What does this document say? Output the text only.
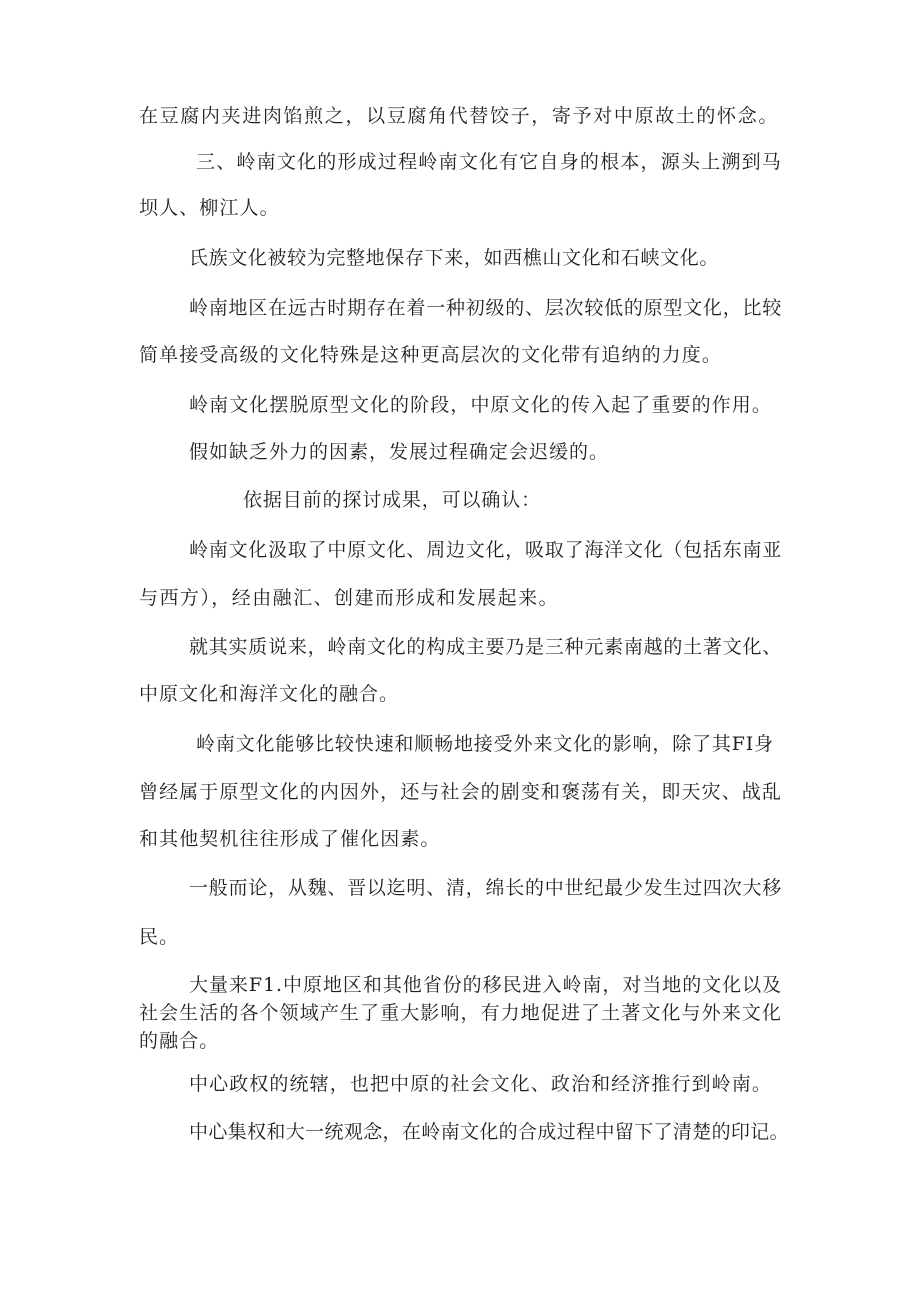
在豆腐内夹进肉馅煎之，以豆腐角代替饺子，寄予对中原故土的怀念。
三、岭南文化的形成过程岭南文化有它自身的根本，源头上溯到马
坝人、柳江人。
氏族文化被较为完整地保存下来，如西樵山文化和石峡文化。
岭南地区在远古时期存在着一种初级的、层次较低的原型文化，比较
简单接受高级的文化特殊是这种更高层次的文化带有追纳的力度。
岭南文化摆脱原型文化的阶段，中原文化的传入起了重要的作用。
假如缺乏外力的因素，发展过程确定会迟缓的。
依据目前的探讨成果，可以确认：
岭南文化汲取了中原文化、周边文化，吸取了海洋文化（包括东南亚
与西方），经由融汇、创建而形成和发展起来。
就其实质说来，岭南文化的构成主要乃是三种元素南越的土著文化、
中原文化和海洋文化的融合。
岭南文化能够比较快速和顺畅地接受外来文化的影响，除了其FI身
曾经属于原型文化的内因外，还与社会的剧变和褒荡有关，即天灾、战乱
和其他契机往往形成了催化因素。
一般而论，从魏、晋以迄明、清，绵长的中世纪最少发生过四次大移
民。
大量来F1.中原地区和其他省份的移民进入岭南，对当地的文化以及
社会生活的各个领域产生了重大影响，有力地促进了土著文化与外来文化
的融合。
中心政权的统辖，也把中原的社会文化、政治和经济推行到岭南。
中心集权和大一统观念，在岭南文化的合成过程中留下了清楚的印记。
